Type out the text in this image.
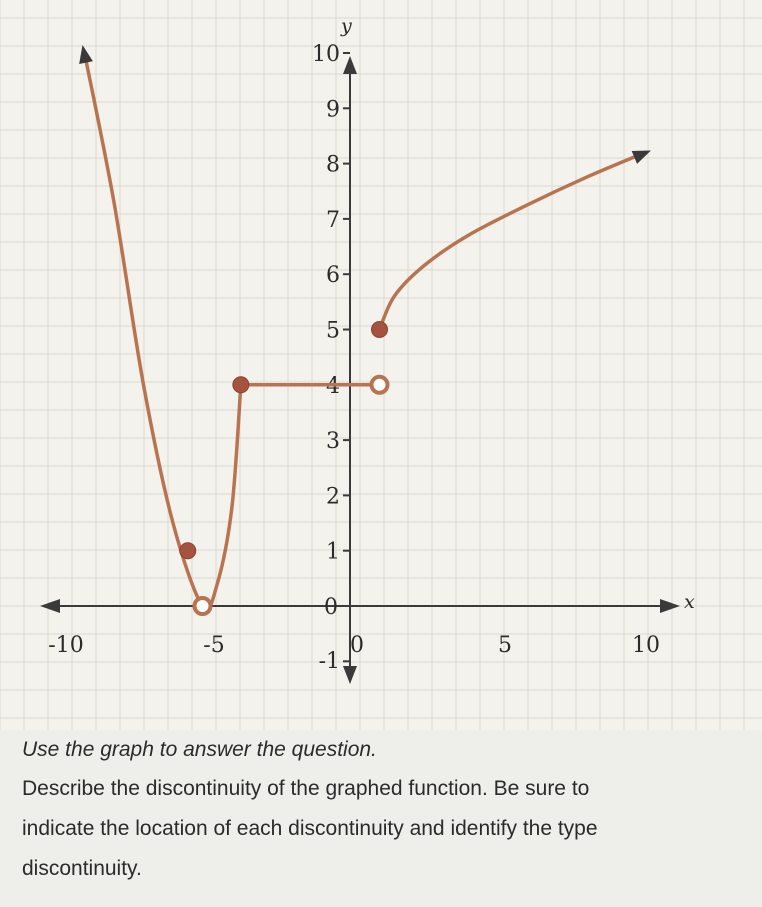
x
y
-10	-5	0	5	10
-1
0
1
2
3
4
5
6
7
8
9
10
Use the graph to answer the question.
Describe the discontinuity of the graphed function. Be sure to
indicate the location of each discontinuity and identify the type
discontinuity.
